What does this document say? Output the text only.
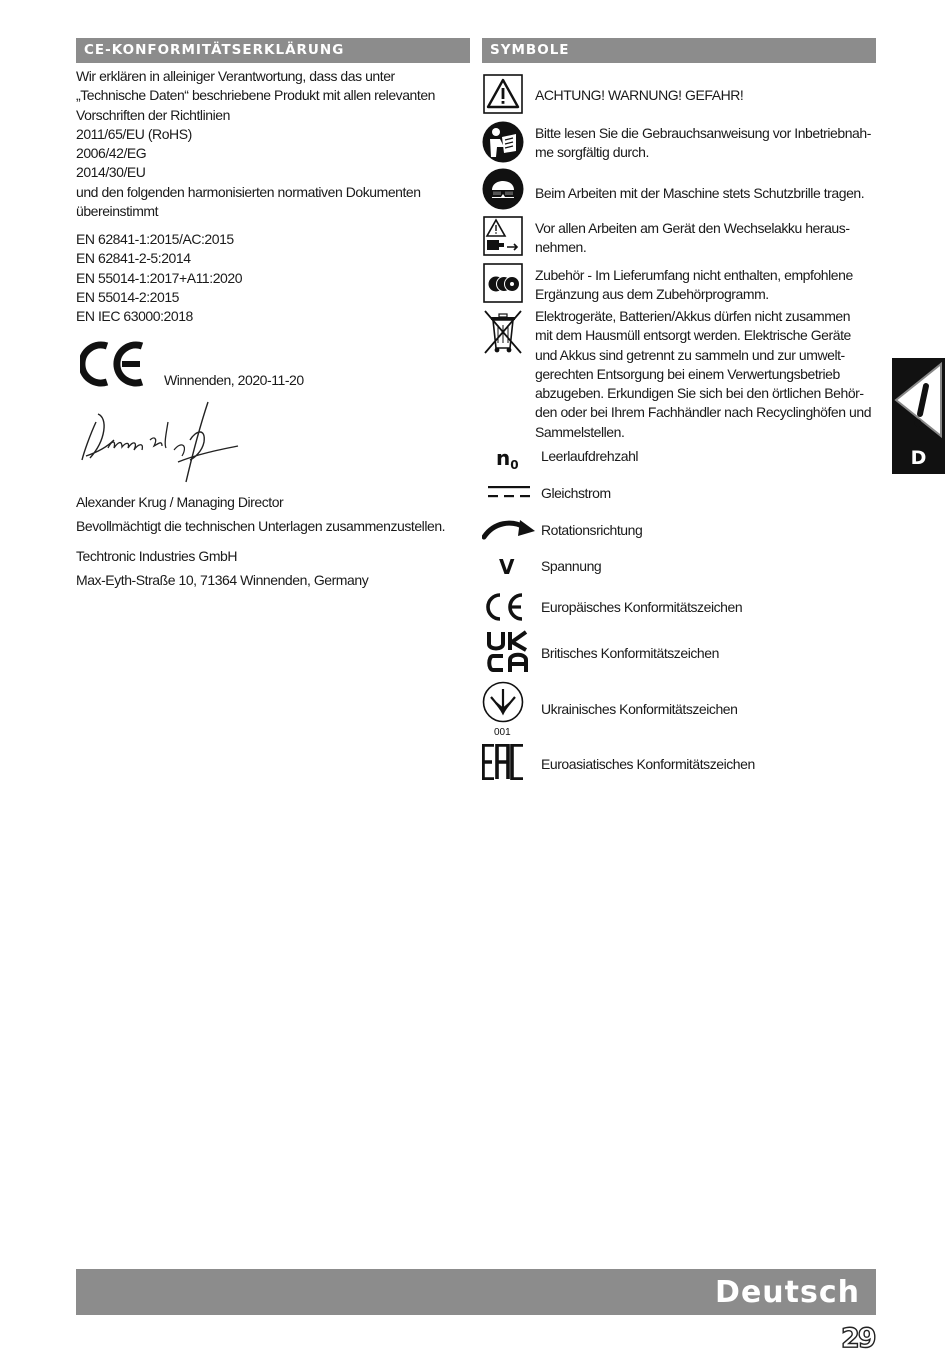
CE-KONFORMITÄTSERKLÄRUNG
Wir erklären in alleiniger Verantwortung, dass das unter
„Technische Daten“ beschriebene Produkt mit allen relevanten
Vorschriften der Richtlinien
2011/65/EU (RoHS)
2006/42/EG
2014/30/EU
und den folgenden harmonisierten normativen Dokumenten
übereinstimmt
EN 62841-1:2015/AC:2015
EN 62841-2-5:2014
EN 55014-1:2017+A11:2020
EN 55014-2:2015
EN IEC 63000:2018
Winnenden, 2020-11-20
Alexander Krug / Managing Director
Bevollmächtigt die technischen Unterlagen zusammenzustellen.
Techtronic Industries GmbH
Max-Eyth-Straße 10, 71364 Winnenden, Germany
SYMBOLE
ACHTUNG! WARNUNG! GEFAHR!
Bitte lesen Sie die Gebrauchsanweisung vor Inbetriebnah-
me sorgfältig durch.
Beim Arbeiten mit der Maschine stets Schutzbrille tragen.
Vor allen Arbeiten am Gerät den Wechselakku heraus-
nehmen.
Zubehör - Im Lieferumfang nicht enthalten, empfohlene
Ergänzung aus dem Zubehörprogramm.
Elektrogeräte, Batterien/Akkus dürfen nicht zusammen
mit dem Hausmüll entsorgt werden. Elektrische Geräte
und Akkus sind getrennt zu sammeln und zur umwelt-
gerechten Entsorgung bei einem Verwertungsbetrieb
abzugeben. Erkundigen Sie sich bei den örtlichen Behör-
den oder bei Ihrem Fachhändler nach Recyclinghöfen und
Sammelstellen.
$n_0$
Leerlaufdrehzahl
Gleichstrom
Rotationsrichtung
V Spannung
Europäisches Konformitätszeichen
Britisches Konformitätszeichen
001
Ukrainisches Konformitätszeichen
Euroasiatisches Konformitätszeichen
D
Deutsch
29
